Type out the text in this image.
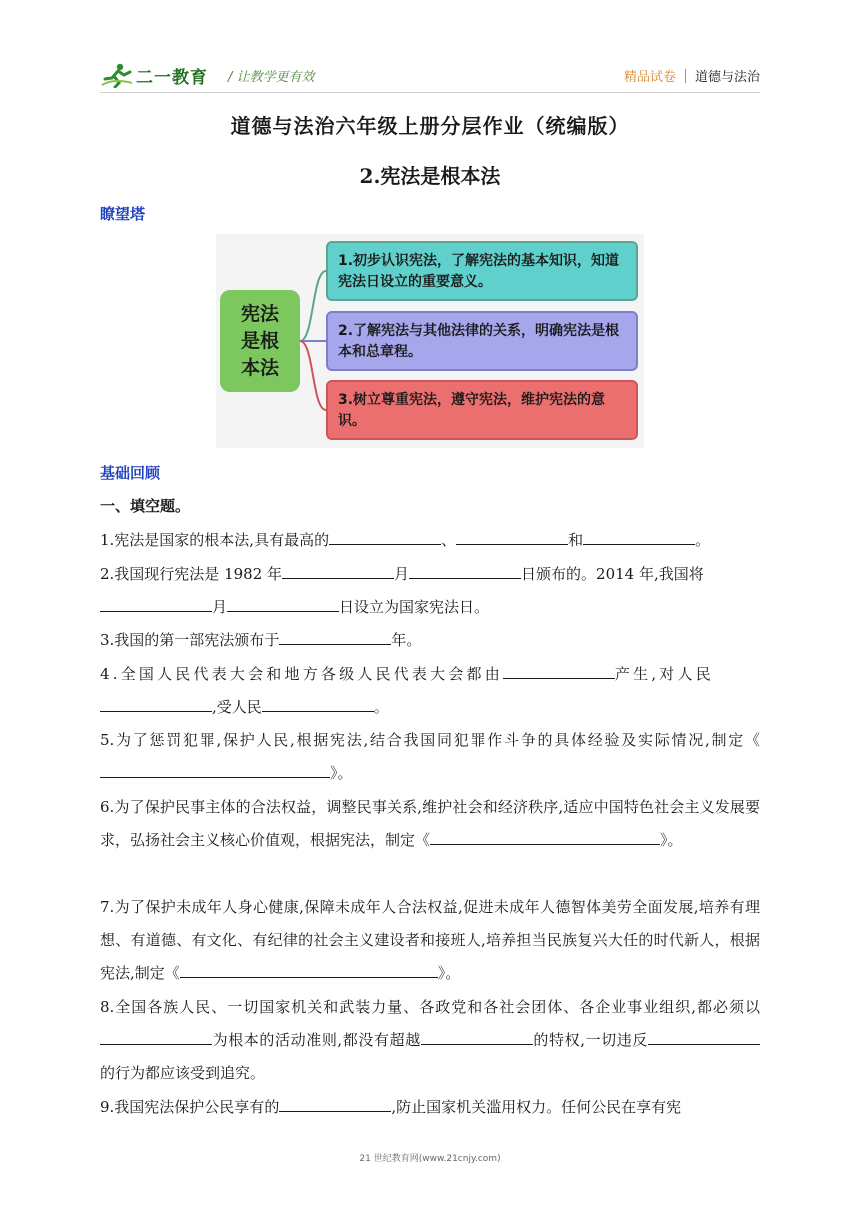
二一教育 / 让教学更有效	精品试卷 道德与法治
道德与法治六年级上册分层作业（统编版）
2.宪法是根本法
瞭望塔
宪法是根本法
1.初步认识宪法，了解宪法的基本知识，知道宪法日设立的重要意义。
2.了解宪法与其他法律的关系，明确宪法是根本和总章程。
3.树立尊重宪法，遵守宪法，维护宪法的意识。
基础回顾
一、填空题。

1.宪法是国家的根本法,具有最高的	、	和	。

2.我国现行宪法是 1982 年	月	日颁布的。2014 年,我国将
月	日设立为国家宪法日。

3.我国的第一部宪法颁布于	年。

4.全国人民代表大会和地方各级人民代表大会都由	产生,对人民
,受人民	。

5.为了惩罚犯罪,保护人民,根据宪法,结合我国同犯罪作斗争的具体经验及实际情况,制定《》。

6.为了保护民事主体的合法权益，调整民事关系,维护社会和经济秩序,适应中国特色社会主义发展要求，弘扬社会主义核心价值观，根据宪法，制定《	》。

7.为了保护未成年人身心健康,保障未成年人合法权益,促进未成年人德智体美劳全面发展,培养有理想、有道德、有文化、有纪律的社会主义建设者和接班人,培养担当民族复兴大任的时代新人，根据宪法,制定《	》。

8.全国各族人民、一切国家机关和武装力量、各政党和各社会团体、各企业事业组织,都必须以为根本的活动准则,都没有超越	的特权,一切违反的行为都应该受到追究。

9.我国宪法保护公民享有的	,防止国家机关滥用权力。任何公民在享有宪

21 世纪教育网(www.21cnjy.com)
